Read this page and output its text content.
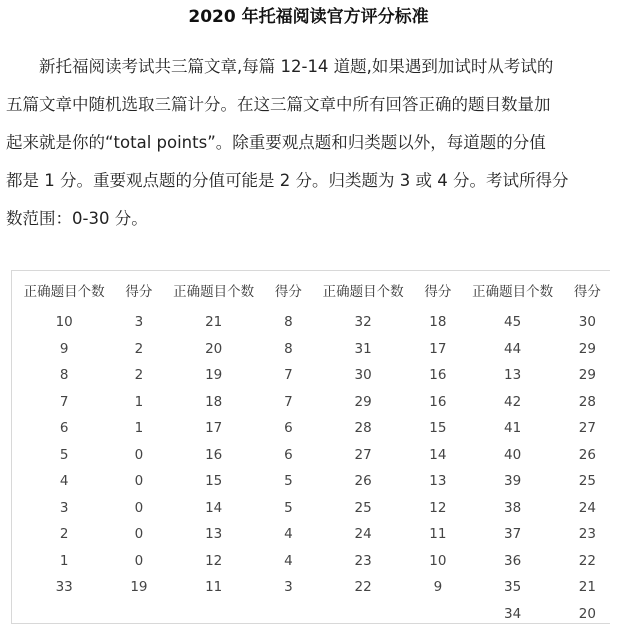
2020 年托福阅读官方评分标准
新托福阅读考试共三篇文章,每篇 12-14 道题,如果遇到加试时从考试的
五篇文章中随机选取三篇计分。在这三篇文章中所有回答正确的题目数量加
起来就是你的“total points”。除重要观点题和归类题以外，每道题的分值
都是 1 分。重要观点题的分值可能是 2 分。归类题为 3 或 4 分。考试所得分
数范围：0-30 分。
正确题目个数	得分	正确题目个数	得分	正确题目个数	得分	正确题目个数	得分
10	3	21	8	32	18	45	30
9	2	20	8	31	17	44	29
8	2	19	7	30	16	13	29
7	1	18	7	29	16	42	28
6	1	17	6	28	15	41	27
5	0	16	6	27	14	40	26
4	0	15	5	26	13	39	25
3	0	14	5	25	12	38	24
2	0	13	4	24	11	37	23
1	0	12	4	23	10	36	22
33	19	11	3	22	9	35	21
						34	20
